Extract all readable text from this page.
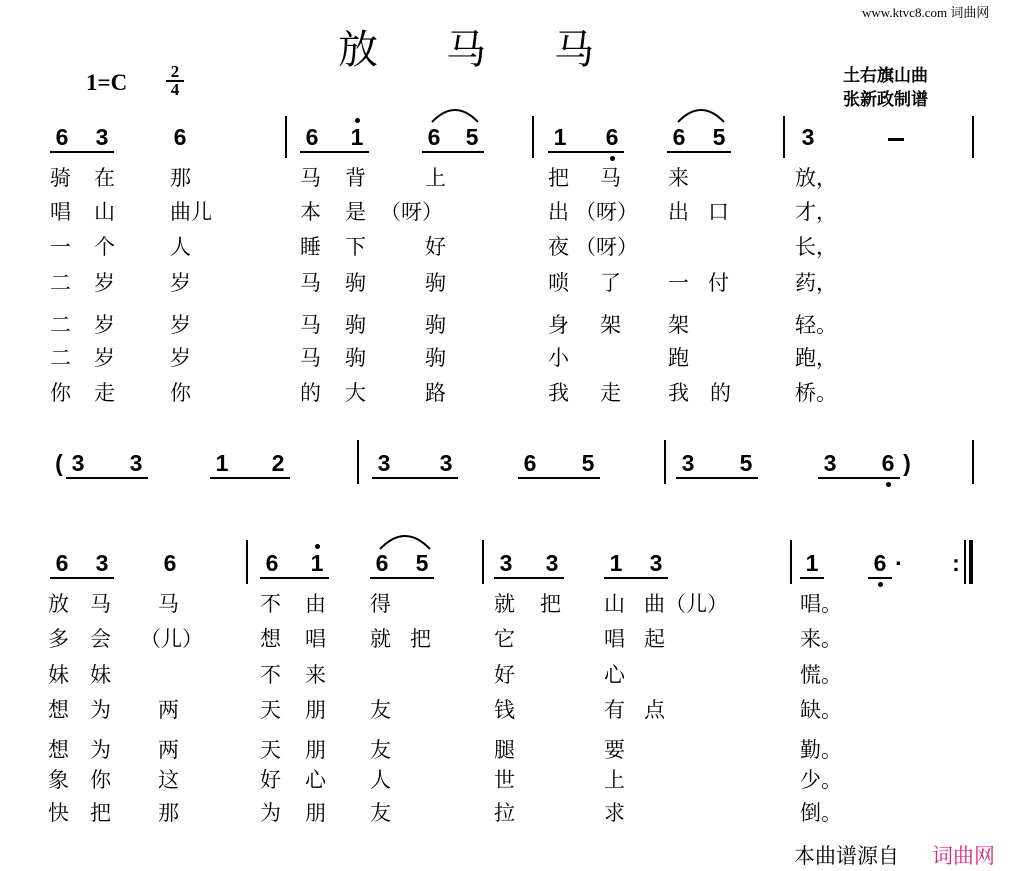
www.ktvc8.com 词曲网
放马马
1=C	2
4
土右旗山曲
张新政制谱
6 3	6	6 1	6 5	1 6 6 5	3
骑 在	那	马 背	上	把 马 来	放，
唱 山	曲儿	本 是 （呀）	出 （呀） 出 口	才，
一 个	人	睡 下	好	夜 （呀）	长，
二 岁	岁	马 驹	驹	唢 了 一 付	药，
二 岁	岁	马 驹	驹	身 架 架	轻。
二 岁	岁	马 驹	驹	小	跑	跑，
你 走	你	的 大	路	我 走 我 的	桥。
( 3 3	1 2	3 3	6 5	3 5	3 6 )
6 3 6	6 1 6 5	3 3 1 3	1 6 · :
放 马 马	不 由 得	就 把 山 曲（儿）	唱。
多 会 （儿）	想 唱 就 把	它	唱 起	来。
妹 妹	不 来	好	心	慌。
想 为 两	天 朋 友	钱	有 点	缺。
想 为 两	天 朋 友	腿	要	勤。
象 你 这	好 心 人	世	上	少。
快 把 那	为 朋 友	拉	求	倒。
本曲谱源自 词曲网
